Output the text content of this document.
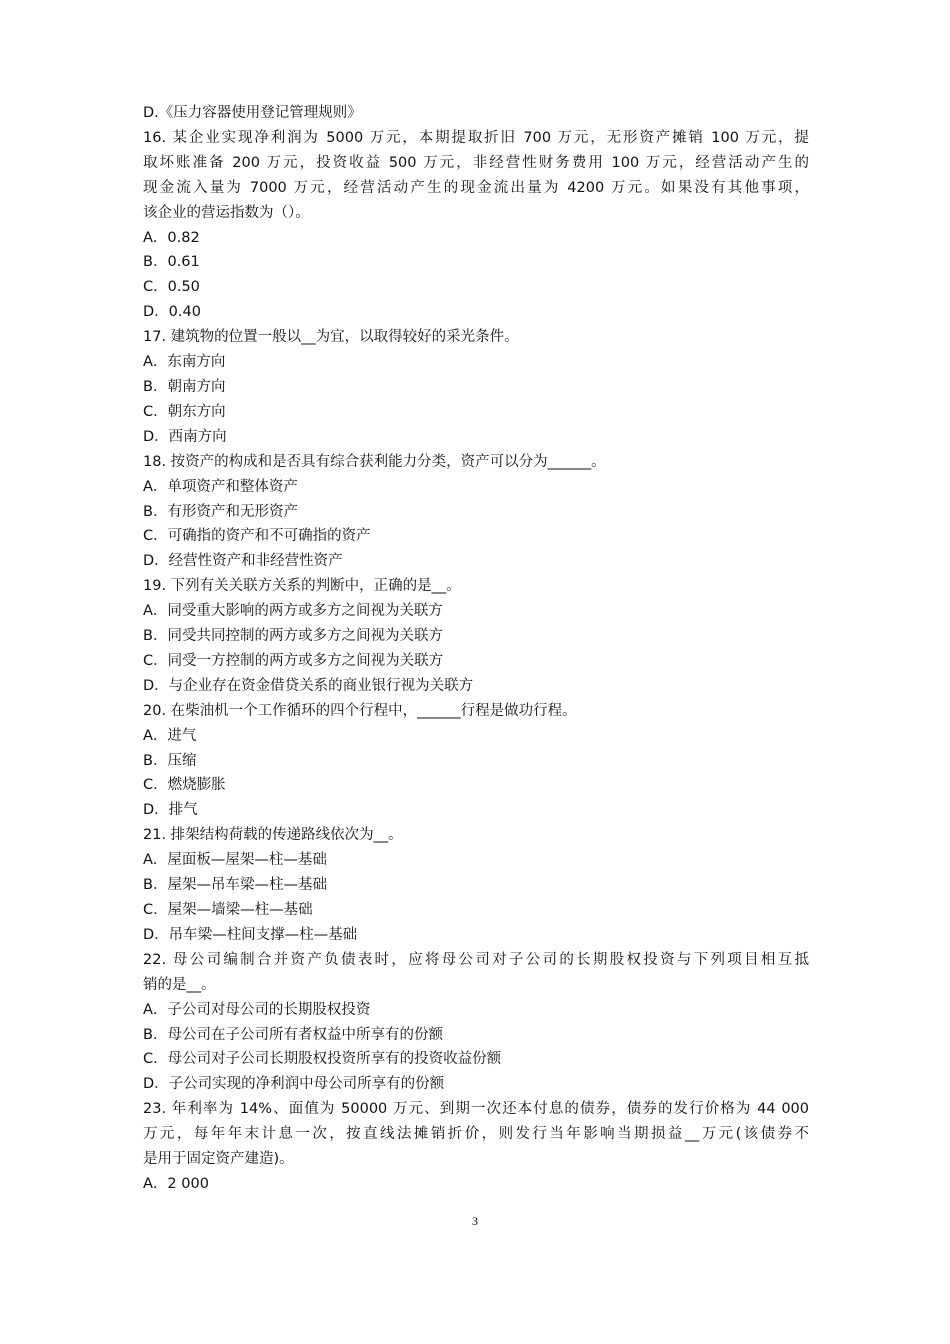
D.《压力容器使用登记管理规则》
16. 某企业实现净利润为 5000 万元，本期提取折旧 700 万元，无形资产摊销 100 万元，提
取坏账准备 200 万元，投资收益 500 万元，非经营性财务费用 100 万元，经营活动产生的
现金流入量为 7000 万元，经营活动产生的现金流出量为 4200 万元。如果没有其他事项，
该企业的营运指数为（）。
A．0.82
B．0.61
C．0.50
D．0.40
17. 建筑物的位置一般以__为宜，以取得较好的采光条件。
A．东南方向
B．朝南方向
C．朝东方向
D．西南方向
18. 按资产的构成和是否具有综合获利能力分类，资产可以分为______。
A．单项资产和整体资产
B．有形资产和无形资产
C．可确指的资产和不可确指的资产
D．经营性资产和非经营性资产
19. 下列有关关联方关系的判断中，正确的是__。
A．同受重大影响的两方或多方之间视为关联方
B．同受共同控制的两方或多方之间视为关联方
C．同受一方控制的两方或多方之间视为关联方
D．与企业存在资金借贷关系的商业银行视为关联方
20. 在柴油机一个工作循环的四个行程中，______行程是做功行程。
A．进气
B．压缩
C．燃烧膨胀
D．排气
21. 排架结构荷载的传递路线依次为__。
A．屋面板—屋架—柱—基础
B．屋架—吊车梁—柱—基础
C．屋架—墙梁—柱—基础
D．吊车梁—柱间支撑—柱—基础
22. 母公司编制合并资产负债表时，应将母公司对子公司的长期股权投资与下列项目相互抵
销的是__。
A．子公司对母公司的长期股权投资
B．母公司在子公司所有者权益中所享有的份额
C．母公司对子公司长期股权投资所享有的投资收益份额
D．子公司实现的净利润中母公司所享有的份额
23. 年利率为 14%、面值为 50000 万元、到期一次还本付息的债券，债券的发行价格为 44 000
万元，每年年末计息一次，按直线法摊销折价，则发行当年影响当期损益__万元(该债券不
是用于固定资产建造)。
A．2 000
3
